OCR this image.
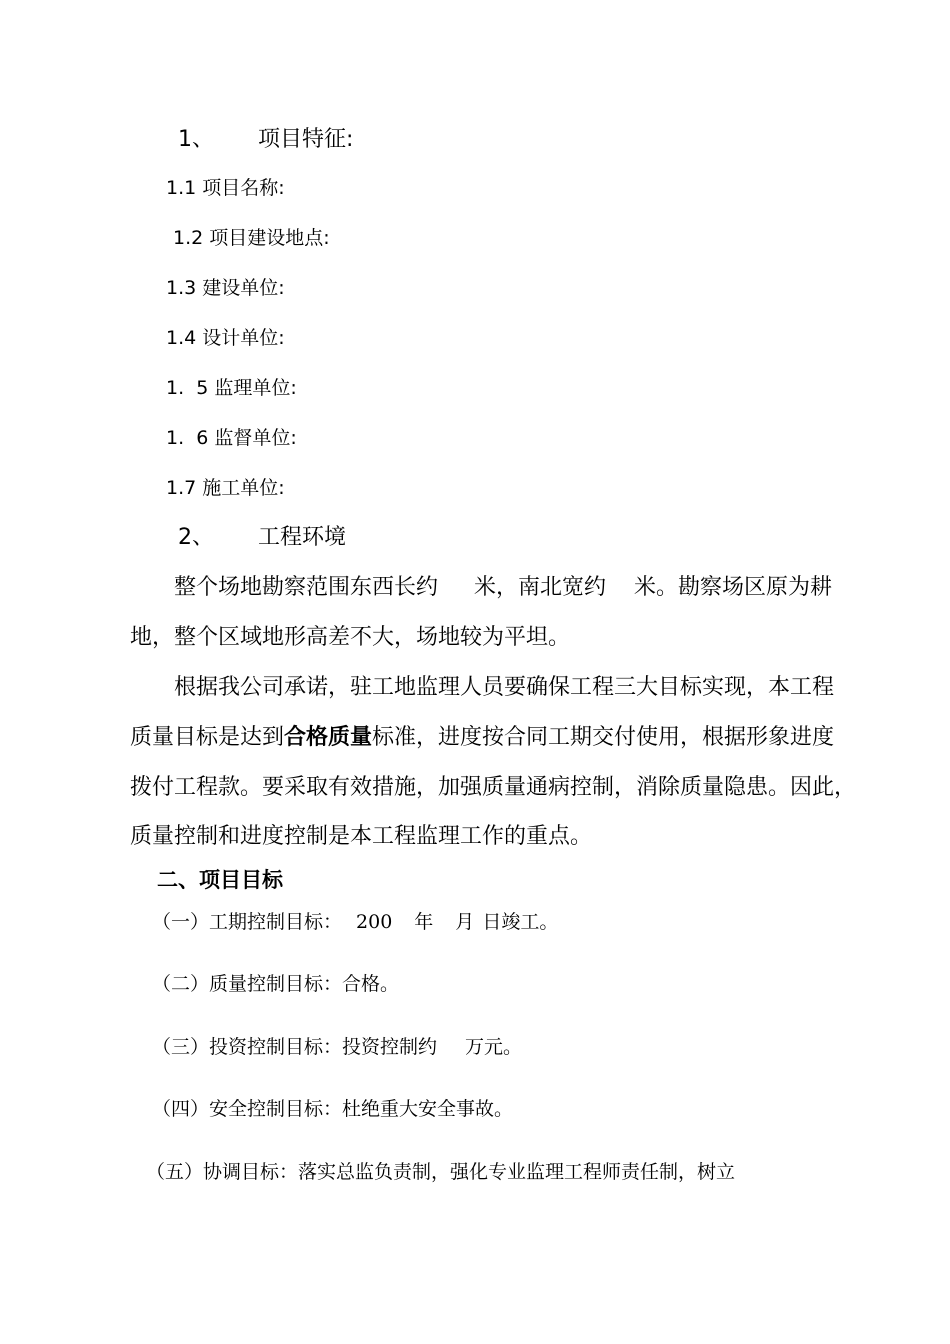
1、 项目特征:
1.1 项目名称:
1.2 项目建设地点:
1.3 建设单位:
1.4 设计单位:
1.  5 监理单位:
1.  6 监督单位:
1.7 施工单位:
2、 工程环境
整个场地勘察范围东西长约 米，南北宽约 米。勘察场区原为耕
地，整个区域地形高差不大，场地较为平坦。
根据我公司承诺，驻工地监理人员要确保工程三大目标实现，本工程
质量目标是达到合格质量标准，进度按合同工期交付使用，根据形象进度
拨付工程款。要采取有效措施，加强质量通病控制，消除质量隐患。因此，
质量控制和进度控制是本工程监理工作的重点。
二、项目目标
（一）工期控制目标： 200 年 月 日竣工。
（二）质量控制目标：合格。
（三）投资控制目标：投资控制约 万元。
（四）安全控制目标：杜绝重大安全事故。
（五）协调目标：落实总监负责制，强化专业监理工程师责任制，树立
